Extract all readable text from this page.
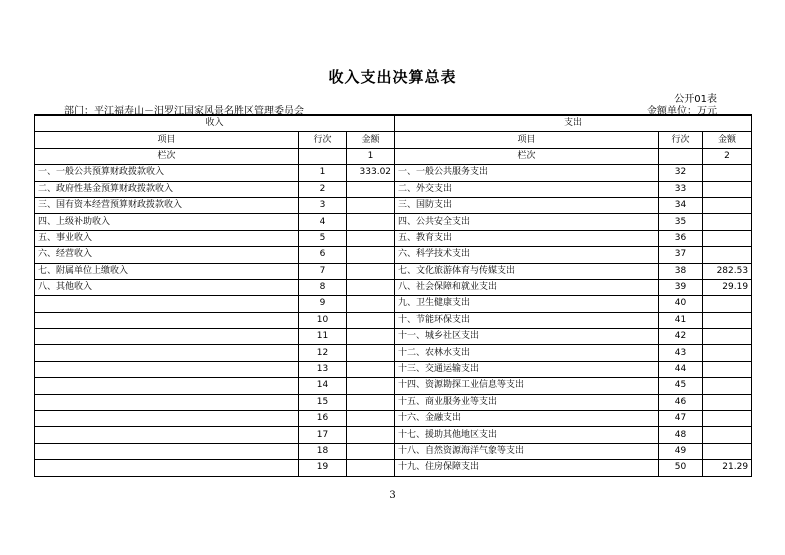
收入支出决算总表
公开01表
部门：平江福寿山－汨罗江国家风景名胜区管理委员会	金额单位：万元
收入			支出		
项目	行次	金额	项目	行次	金额
栏次		1	栏次		2
一、一般公共预算财政拨款收入	1	333.02	一、一般公共服务支出	32	
二、政府性基金预算财政拨款收入	2		二、外交支出	33	
三、国有资本经营预算财政拨款收入	3		三、国防支出	34	
四、上级补助收入	4		四、公共安全支出	35	
五、事业收入	5		五、教育支出	36	
六、经营收入	6		六、科学技术支出	37	
七、附属单位上缴收入	7		七、文化旅游体育与传媒支出	38	282.53
八、其他收入	8		八、社会保障和就业支出	39	29.19
	9		九、卫生健康支出	40	
	10		十、节能环保支出	41	
	11		十一、城乡社区支出	42	
	12		十二、农林水支出	43	
	13		十三、交通运输支出	44	
	14		十四、资源勘探工业信息等支出	45	
	15		十五、商业服务业等支出	46	
	16		十六、金融支出	47	
	17		十七、援助其他地区支出	48	
	18		十八、自然资源海洋气象等支出	49	
	19		十九、住房保障支出	50	21.29
3
